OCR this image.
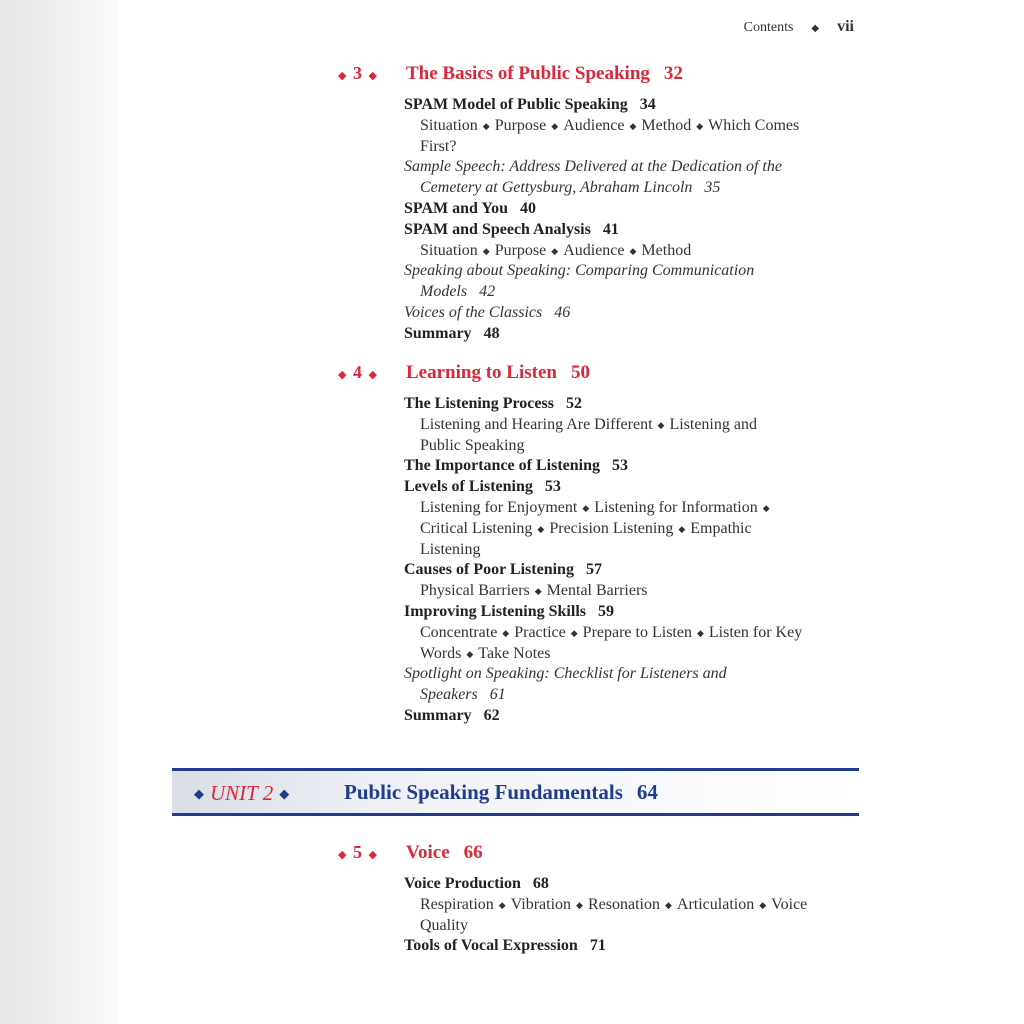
Contents ◆ vii
◆ 3 ◆	The Basics of Public Speaking 32
SPAM Model of Public Speaking 34
Situation ◆ Purpose ◆ Audience ◆ Method ◆ Which Comes
First?
Sample Speech: Address Delivered at the Dedication of the
Cemetery at Gettysburg, Abraham Lincoln 35
SPAM and You 40
SPAM and Speech Analysis 41
Situation ◆ Purpose ◆ Audience ◆ Method
Speaking about Speaking: Comparing Communication
Models 42
Voices of the Classics 46
Summary 48
◆ 4 ◆	Learning to Listen 50
The Listening Process 52
Listening and Hearing Are Different ◆ Listening and
Public Speaking
The Importance of Listening 53
Levels of Listening 53
Listening for Enjoyment ◆ Listening for Information ◆
Critical Listening ◆ Precision Listening ◆ Empathic
Listening
Causes of Poor Listening 57
Physical Barriers ◆ Mental Barriers
Improving Listening Skills 59
Concentrate ◆ Practice ◆ Prepare to Listen ◆ Listen for Key
Words ◆ Take Notes
Spotlight on Speaking: Checklist for Listeners and
Speakers 61
Summary 62
◆ UNIT 2 ◆	Public Speaking Fundamentals 64
◆ 5 ◆	Voice 66
Voice Production 68
Respiration ◆ Vibration ◆ Resonation ◆ Articulation ◆ Voice
Quality
Tools of Vocal Expression 71
